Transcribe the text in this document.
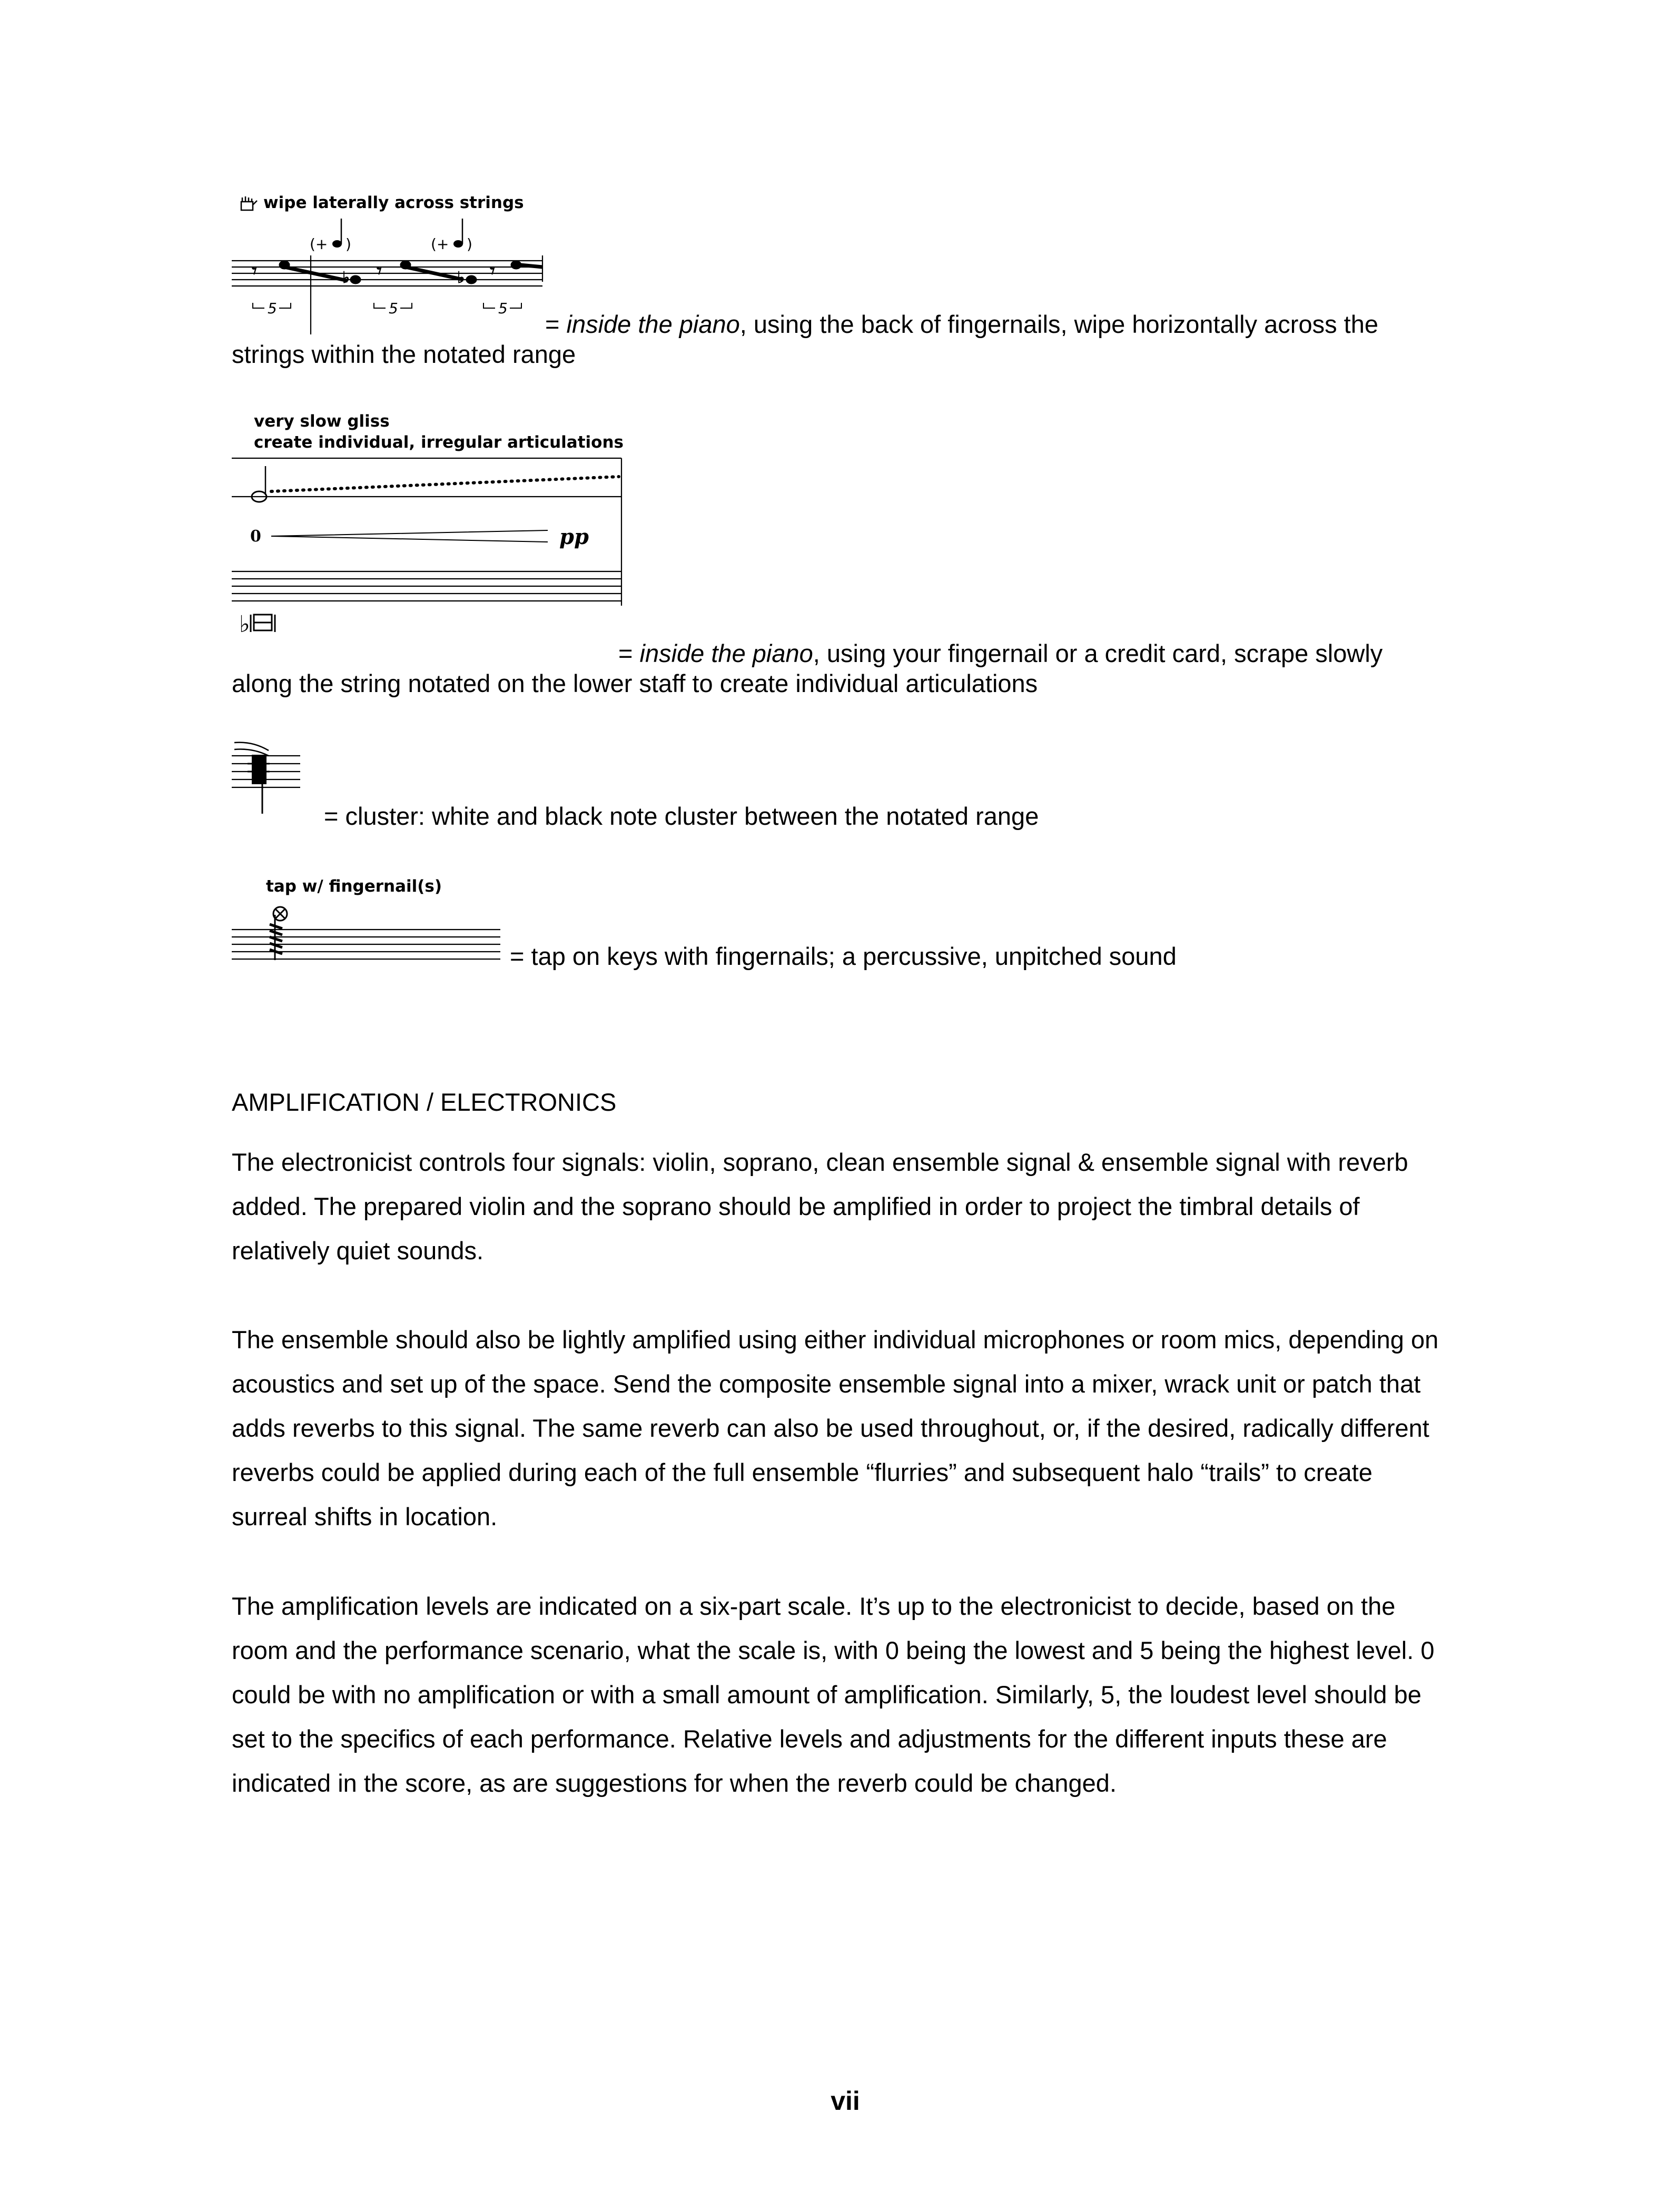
wipe laterally across strings
(+ )	(+ )
𝄾	♭ 𝄾	♭ 𝄾
5	5	5
= inside the piano, using the back of fingernails, wipe horizontally across the
strings within the notated range
very slow gliss
create individual, irregular articulations
0	pp
♭
= inside the piano, using your fingernail or a credit card, scrape slowly
along the string notated on the lower staff to create individual articulations
= cluster: white and black note cluster between the notated range
tap w/ fingernail(s)
= tap on keys with fingernails; a percussive, unpitched sound
AMPLIFICATION / ELECTRONICS
The electronicist controls four signals: violin, soprano, clean ensemble signal & ensemble signal with reverb added. The prepared violin and the soprano should be amplified in order to project the timbral details of relatively quiet sounds.
The ensemble should also be lightly amplified using either individual microphones or room mics, depending on acoustics and set up of the space. Send the composite ensemble signal into a mixer, wrack unit or patch that adds reverbs to this signal. The same reverb can also be used throughout, or, if the desired, radically different reverbs could be applied during each of the full ensemble “flurries” and subsequent halo “trails” to create surreal shifts in location.
The amplification levels are indicated on a six-part scale. It’s up to the electronicist to decide, based on the room and the performance scenario, what the scale is, with 0 being the lowest and 5 being the highest level. 0 could be with no amplification or with a small amount of amplification. Similarly, 5, the loudest level should be set to the specifics of each performance. Relative levels and adjustments for the different inputs these are indicated in the score, as are suggestions for when the reverb could be changed.
vii
